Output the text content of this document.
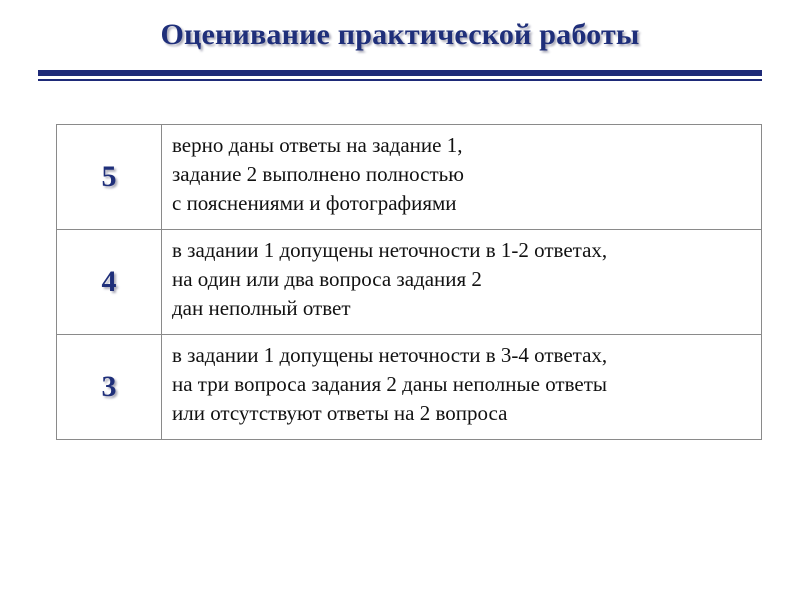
Оценивание практической работы
5	верно даны ответы на задание 1,
задание 2 выполнено полностью
с пояснениями и фотографиями

4	в задании 1 допущены неточности в 1-2 ответах,
на один или два вопроса задания 2
дан неполный ответ

3	в задании 1 допущены неточности в 3-4 ответах,
на три вопроса задания 2 даны неполные ответы
или отсутствуют ответы на 2 вопроса
